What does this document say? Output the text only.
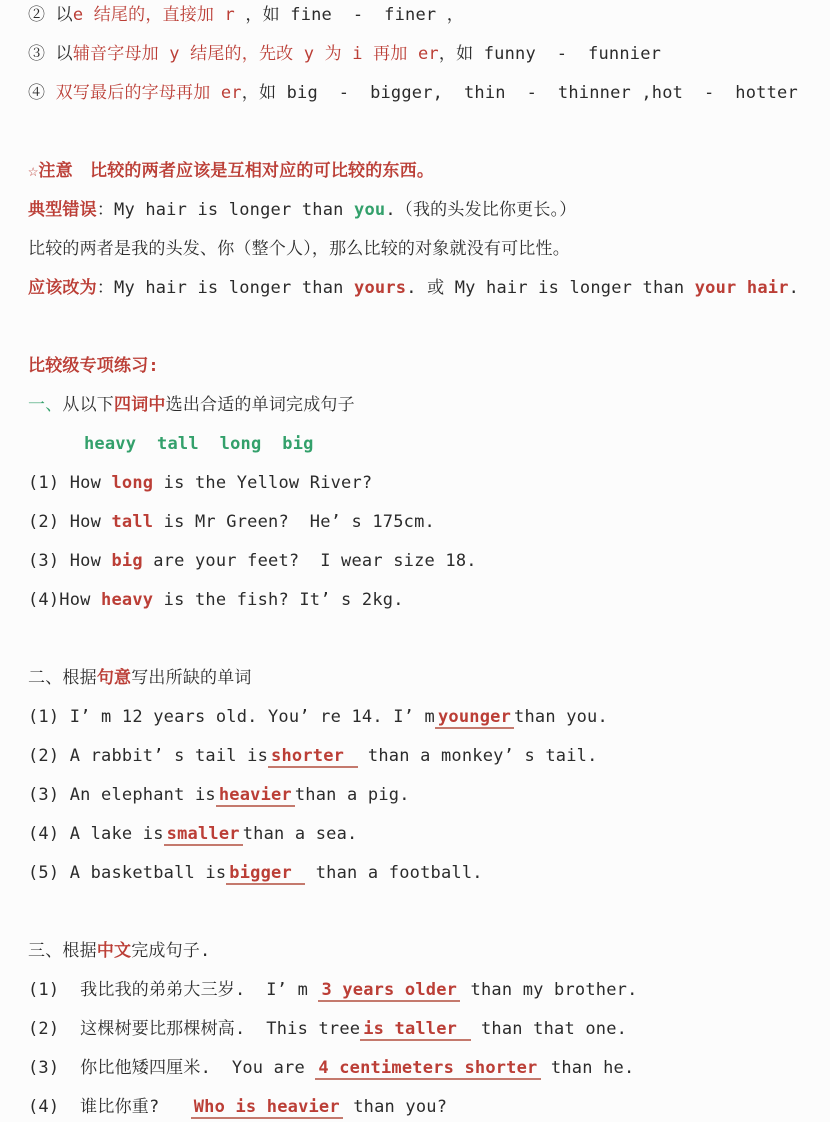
② 以e 结尾的，直接加 r ，如 fine  -  finer ，

③ 以辅音字母加 y 结尾的，先改 y 为 i 再加 er，如 funny  -  funnier

④ 双写最后的字母再加 er，如 big  -  bigger,  thin  -  thinner ,hot  -  hotter

☆注意　比较的两者应该是互相对应的可比较的东西。

典型错误：My hair is longer than you.（我的头发比你更长。）

比较的两者是我的头发、你（整个人），那么比较的对象就没有可比性。

应该改为：My hair is longer than yours. 或 My hair is longer than your hair.

比较级专项练习:

一、从以下四词中选出合适的单词完成句子

heavy  tall  long  big

(1) How long is the Yellow River?

(2) How tall is Mr Green?  He’ s 175cm.

(3) How big are your feet?  I wear size 18.

(4)How heavy is the fish? It’ s 2kg.

二、根据句意写出所缺的单词

(1) I’ m 12 years old. You’ re 14. I’ m younger than you.

(2) A rabbit’ s tail is shorter  than a monkey’ s tail.

(3) An elephant is heavier than a pig.

(4) A lake is smaller than a sea.

(5) A basketball is bigger  than a football.

三、根据中文完成句子.

(1)  我比我的弟弟大三岁.  I’ m 3 years older than my brother.

(2)  这棵树要比那棵树高.  This tree is taller  than that one.

(3)  你比他矮四厘米.  You are 4 centimeters shorter than he.

(4)  谁比你重?   Who is heavier than you?
